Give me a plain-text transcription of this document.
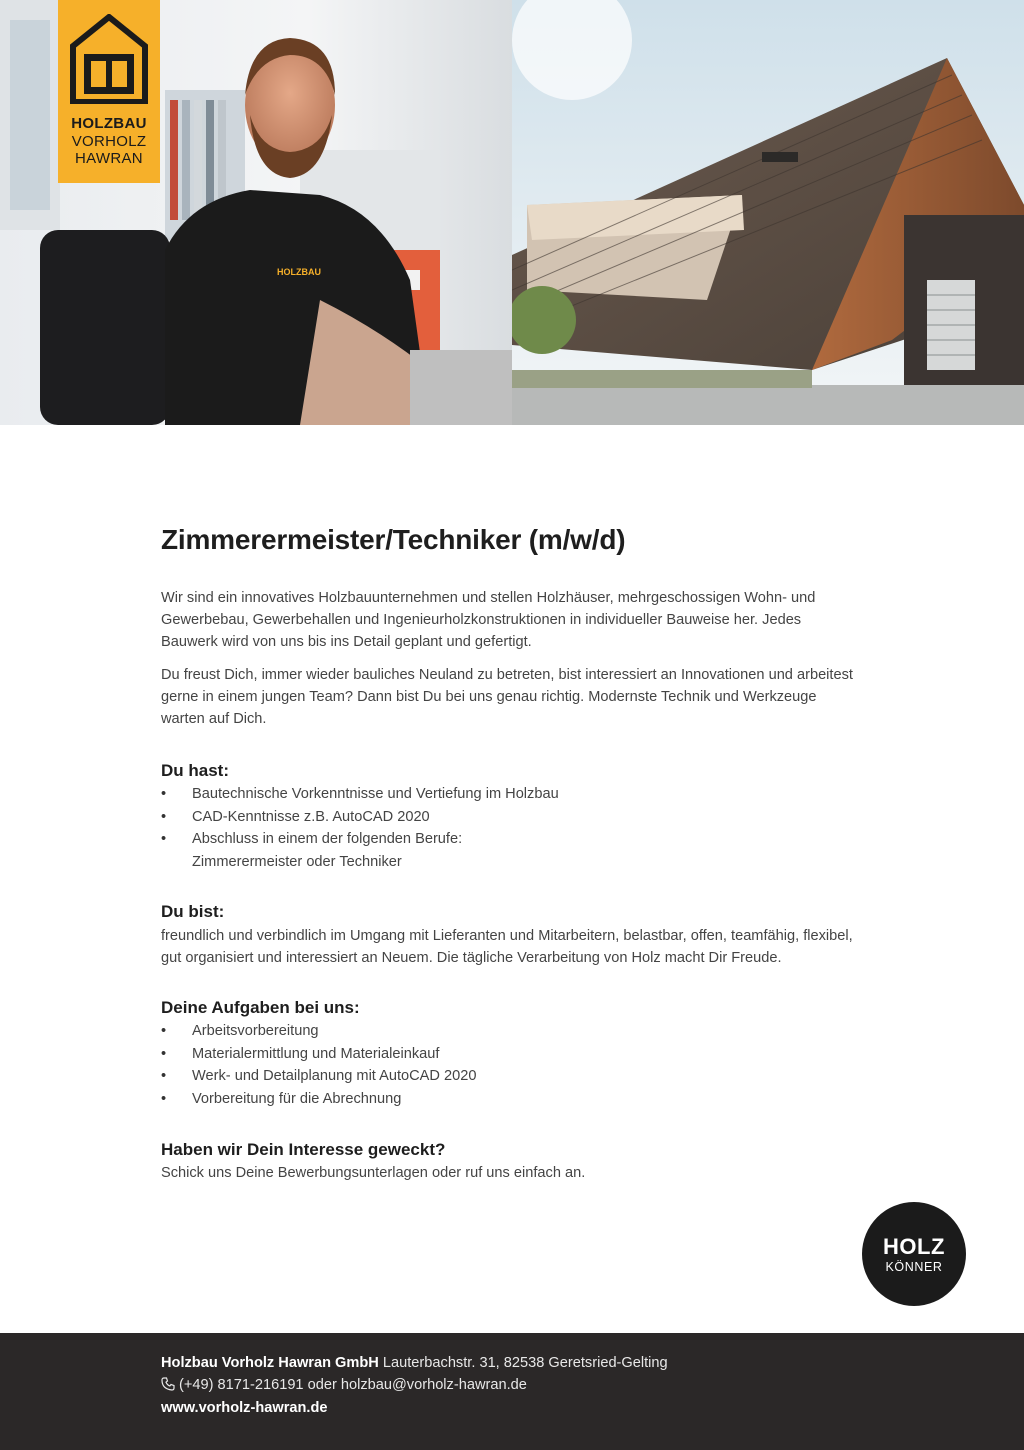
HOLZBAU
HOLZBAU
VORHOLZ
HAWRAN
Zimmerermeister/Techniker (m/w/d)

Wir sind ein innovatives Holzbauunternehmen und stellen Holzhäuser, mehrgeschossigen Wohn- und Gewerbebau, Gewerbehallen und Ingenieurholzkonstruktionen in individueller Bauweise her. Jedes Bauwerk wird von uns bis ins Detail geplant und gefertigt.

Du freust Dich, immer wieder bauliches Neuland zu betreten, bist interessiert an Innovationen und arbeitest gerne in einem jungen Team? Dann bist Du bei uns genau richtig. Modernste Technik und Werkzeuge warten auf Dich.

Du hast:
• Bautechnische Vorkenntnisse und Vertiefung im Holzbau
• CAD-Kenntnisse z.B. AutoCAD 2020
• Abschluss in einem der folgenden Berufe:
Zimmerermeister oder Techniker
Du bist:

freundlich und verbindlich im Umgang mit Lieferanten und Mitarbeitern, belastbar, offen, teamfähig, flexibel, gut organisiert und interessiert an Neuem. Die tägliche Verarbeitung von Holz macht Dir Freude.

Deine Aufgaben bei uns:
• Arbeitsvorbereitung
• Materialermittlung und Materialeinkauf
• Werk- und Detailplanung mit AutoCAD 2020
• Vorbereitung für die Abrechnung
Haben wir Dein Interesse geweckt?

Schick uns Deine Bewerbungsunterlagen oder ruf uns einfach an.

HOLZ
KÖNNER
Holzbau Vorholz Hawran GmbH Lauterbachstr. 31, 82538 Geretsried-Gelting
(+49) 8171-216191 oder holzbau@vorholz-hawran.de
www.vorholz-hawran.de
